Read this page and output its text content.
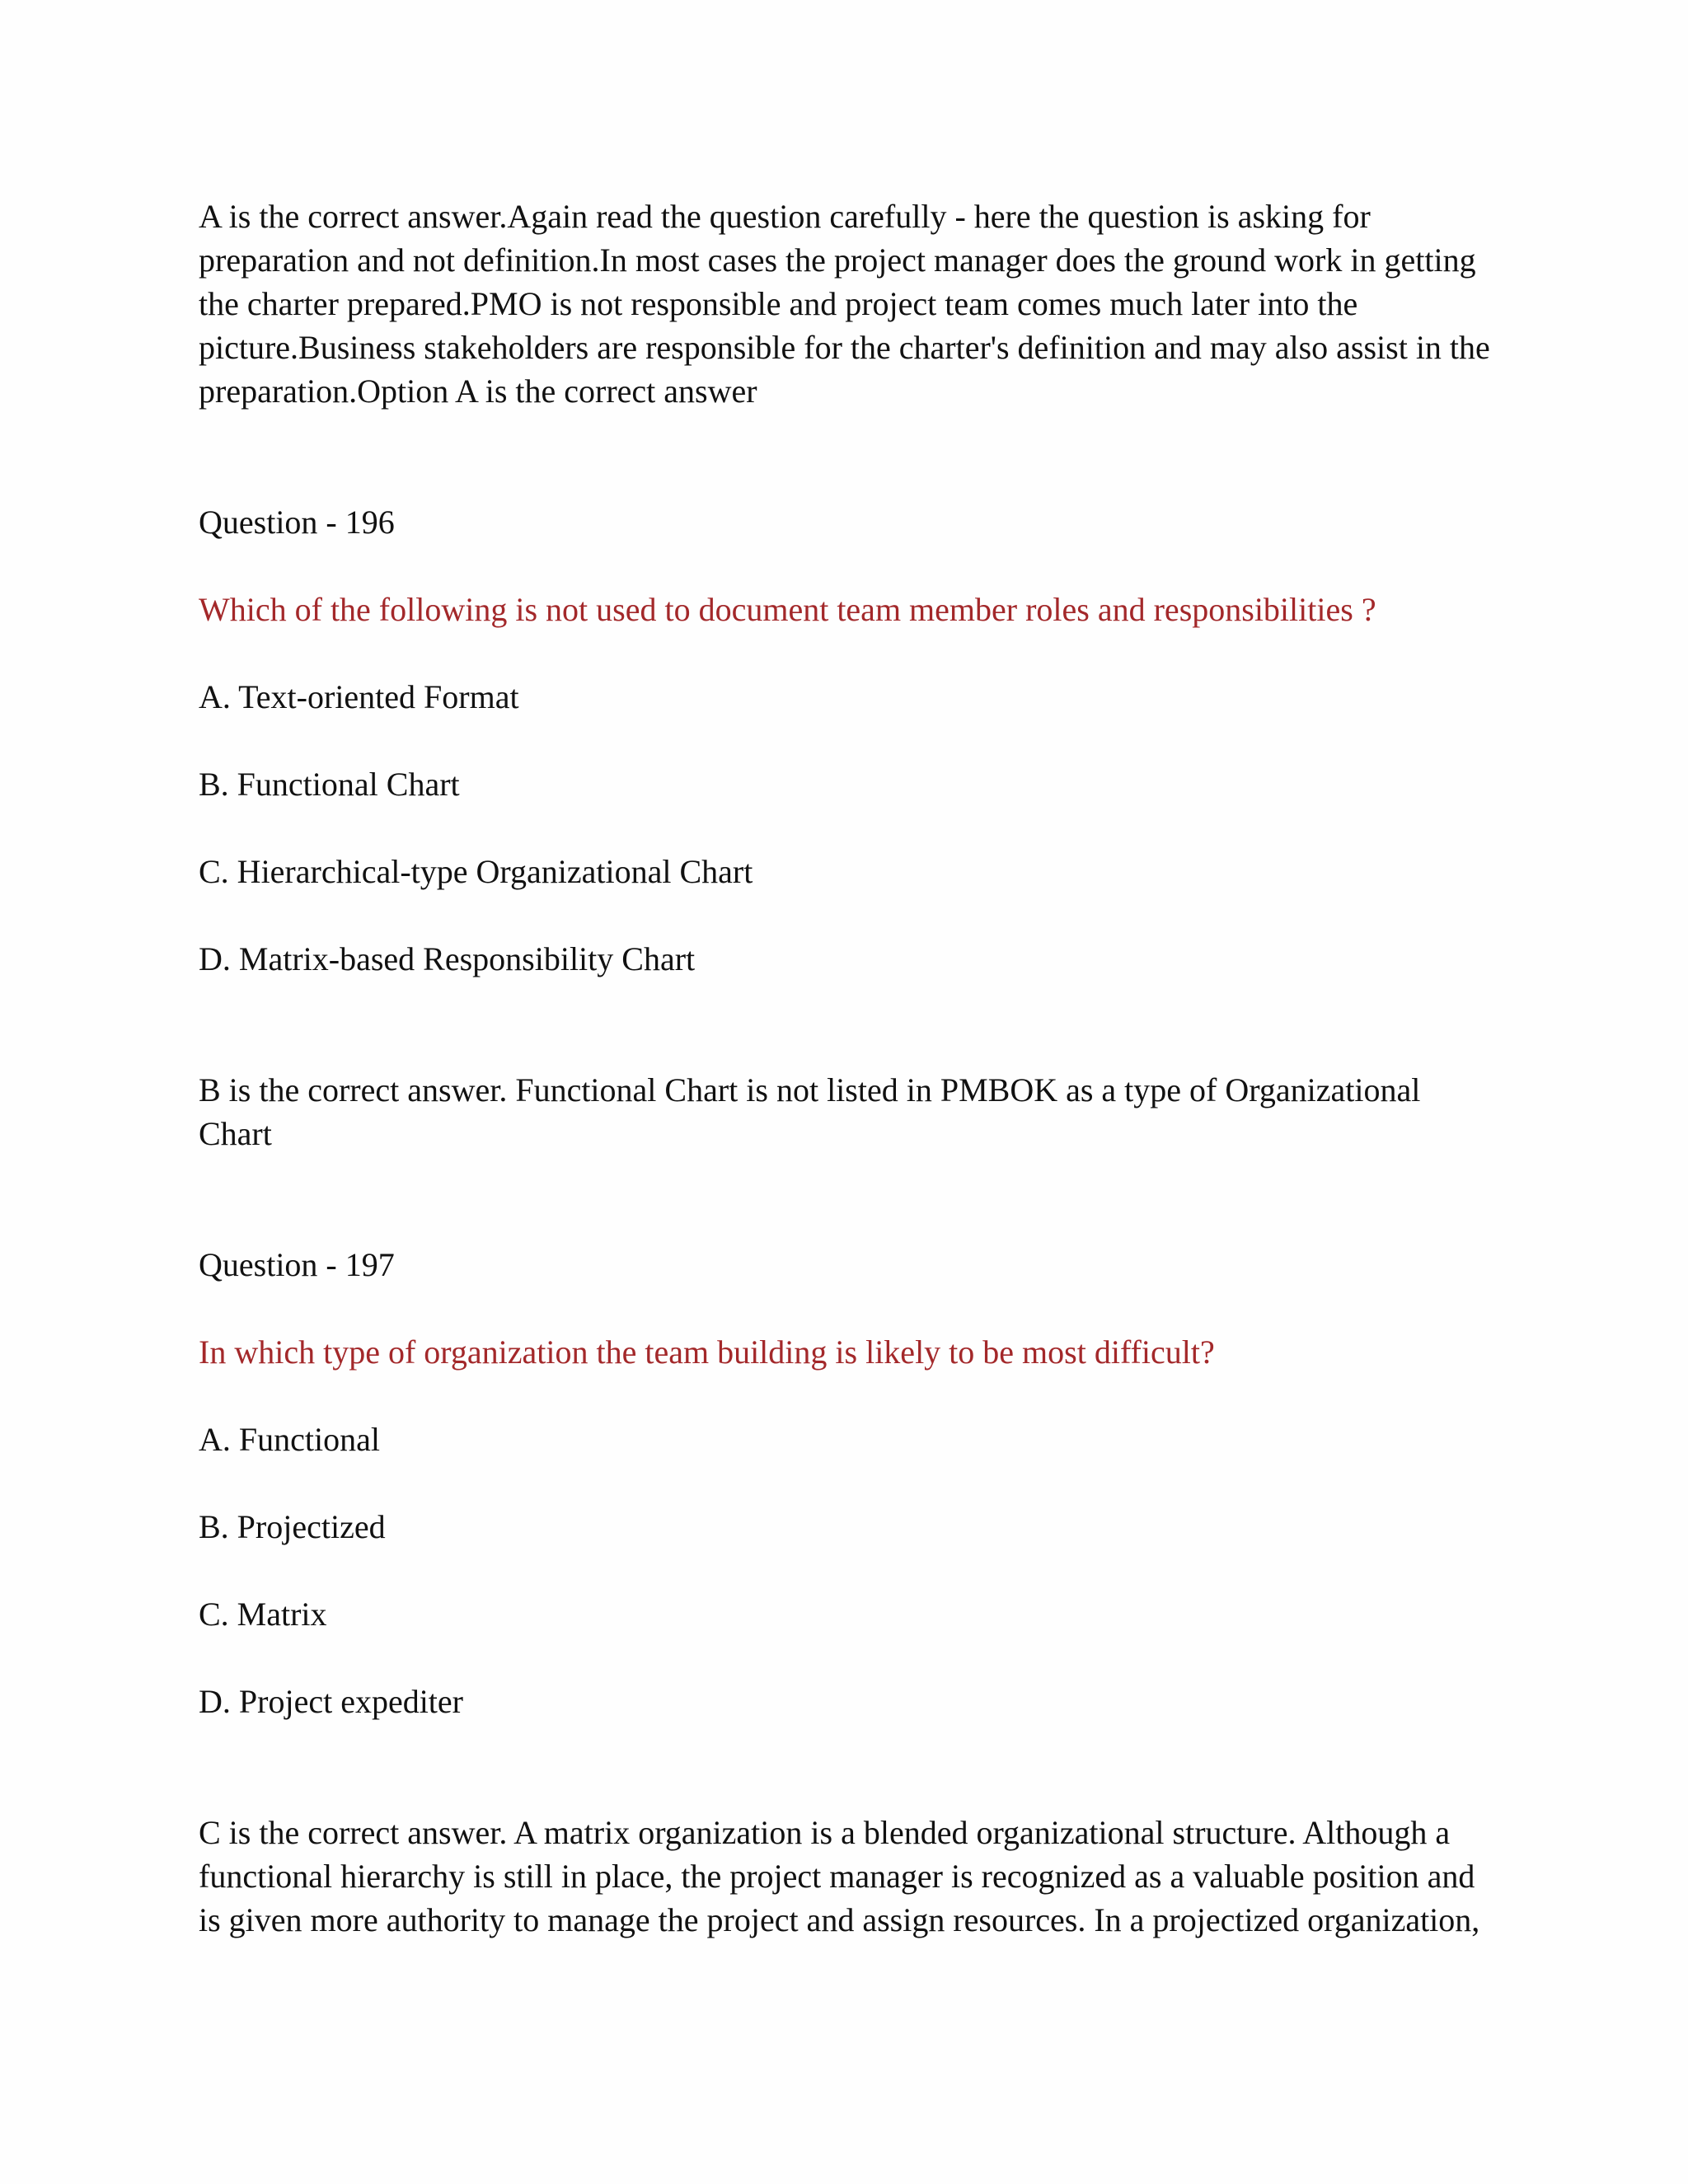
A is the correct answer.Again read the question carefully - here the question is asking for preparation and not definition.In most cases the project manager does the ground work in getting the charter prepared.PMO is not responsible and project team comes much later into the picture.Business stakeholders are responsible for the charter's definition and may also assist in the preparation.Option A is the correct answer

Question - 196

Which of the following is not used to document team member roles and responsibilities ?

A. Text-oriented Format

B. Functional Chart

C. Hierarchical-type Organizational Chart

D. Matrix-based Responsibility Chart

B is the correct answer. Functional Chart is not listed in PMBOK as a type of Organizational Chart

Question - 197

In which type of organization the team building is likely to be most difficult?

A. Functional

B. Projectized

C. Matrix

D. Project expediter

C is the correct answer. A matrix organization is a blended organizational structure. Although a functional hierarchy is still in place, the project manager is recognized as a valuable position and is given more authority to manage the project and assign resources. In a projectized organization,
